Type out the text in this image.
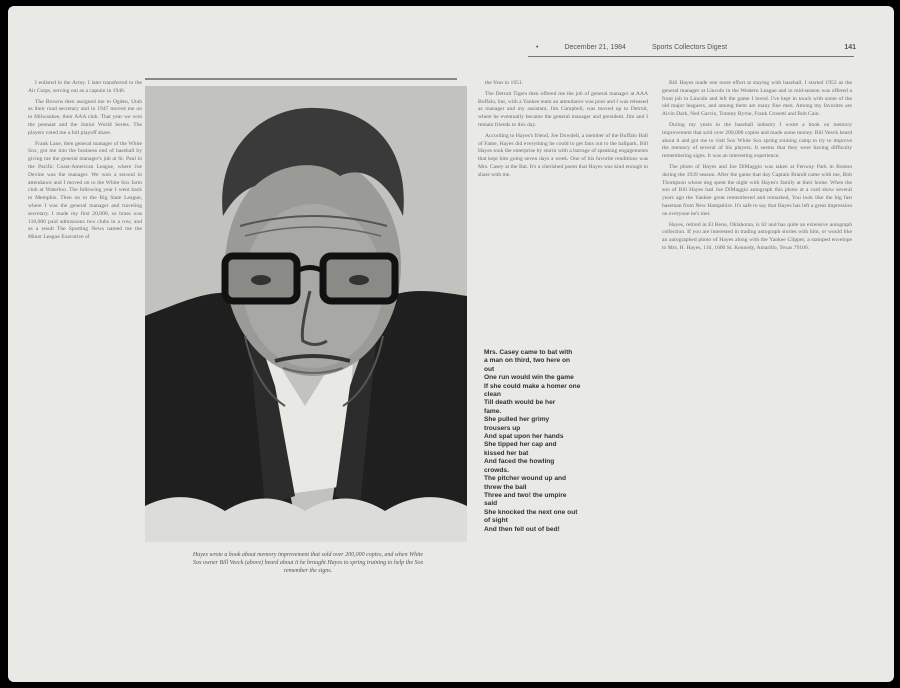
•	December 21, 1984	Sports Collectors Digest	141

I enlisted in the Army. I later transferred to the Air Corps, serving out as a captain in 1946.

The Browns then assigned me to Ogden, Utah as their road secretary and in 1947 moved me on to Milwaukee, their AAA club. That year we won the pennant and the Junior World Series. The players voted me a full playoff share.

Frank Lane, then general manager of the White Sox, got me into the business end of baseball by giving me the general manager's job at St. Paul in the Pacific Coast-American League, where Joe Devine was the manager. We won a second in attendance and I moved on to the White Sox farm club at Waterloo. The following year I went back to Memphis. Then on to the Big State League, where I was the general manager and traveling secretary. I made my first 20,000, so brass was 110,000 paid admissions two clubs in a row, and as a result The Sporting News named me the Minor League Executive of

Hayes wrote a book about memory improvement that sold over 200,000 copies, and when White Sox owner Bill Veeck (above) heard about it he brought Hayes to spring training to help the Sox remember the signs.

the Year in 1951.

The Detroit Tigers then offered me the job of general manager at AAA Buffalo, but, with a Yankee team an attendance was poor and I was released as manager and my assistant, Jim Campbell, was moved up to Detroit, where he eventually became the general manager and president. Jim and I remain friends to this day.

According to Hayes's friend, Joe Dowdell, a member of the Buffalo Hall of Fame, Hayes did everything he could to get fans out to the ballpark. Bill Hayes took the enterprise by storm with a barrage of speaking engagements that kept him going seven days a week. One of his favorite renditions was Mrs. Casey at the Bat. It's a cherished poem that Hayes was kind enough to share with me.

Mrs. Casey came to bat with
a man on third, two here on
out
One run would win the game
If she could make a homer one
clean
Till death would be her
fame.
She pulled her grimy
trousers up
And spat upon her hands
She tipped her cap and
kissed her bat
And faced the howling
crowds.
The pitcher wound up and
threw the ball
Three and two! the umpire
said
She knocked the next one out
of sight
And then fell out of bed!

Bill Hayes made one more effort at staying with baseball. I started 1953 as the general manager at Lincoln in the Western League and in mid-season was offered a front job in Lincoln and left the game I loved. I've kept in touch with some of the old major leaguers, and among them are many fine men. Among my favorites are Alvin Dark, Ned Garvin, Tommy Byrne, Frank Crosetti and Bob Cain.

During my years in the baseball industry I wrote a book on memory improvement that sold over 200,000 copies and made some money. Bill Veeck heard about it and got me to visit Sox White Sox spring training camp to try to improve the memory of several of his players. It seems that they were having difficulty remembering signs. It was an interesting experience.

The photo of Hayes and Joe DiMaggio was taken at Fenway Park in Boston during the 1939 season. After the game that day Captain Brandt came with me, Bob Thompson whose dog spent the night with Hayes's family at their home. When the son of Bill Hayes had Joe DiMaggio autograph this photo at a card show several years ago the Yankee great remembered and remarked, You look like the big fast baseman from New Hampshire. It's safe to say that Hayes has left a great impression on everyone he's met.

Hayes, retired in El Reno, Oklahoma, is 82 and has quite an extensive autograph collection. If you are interested in trading autograph stories with him, or would like an autographed photo of Hayes along with the Yankee Clipper, a stamped envelope to Mrs. H. Hayes, 110, 1600 St. Kennedy, Amarillo, Texas 79106.
